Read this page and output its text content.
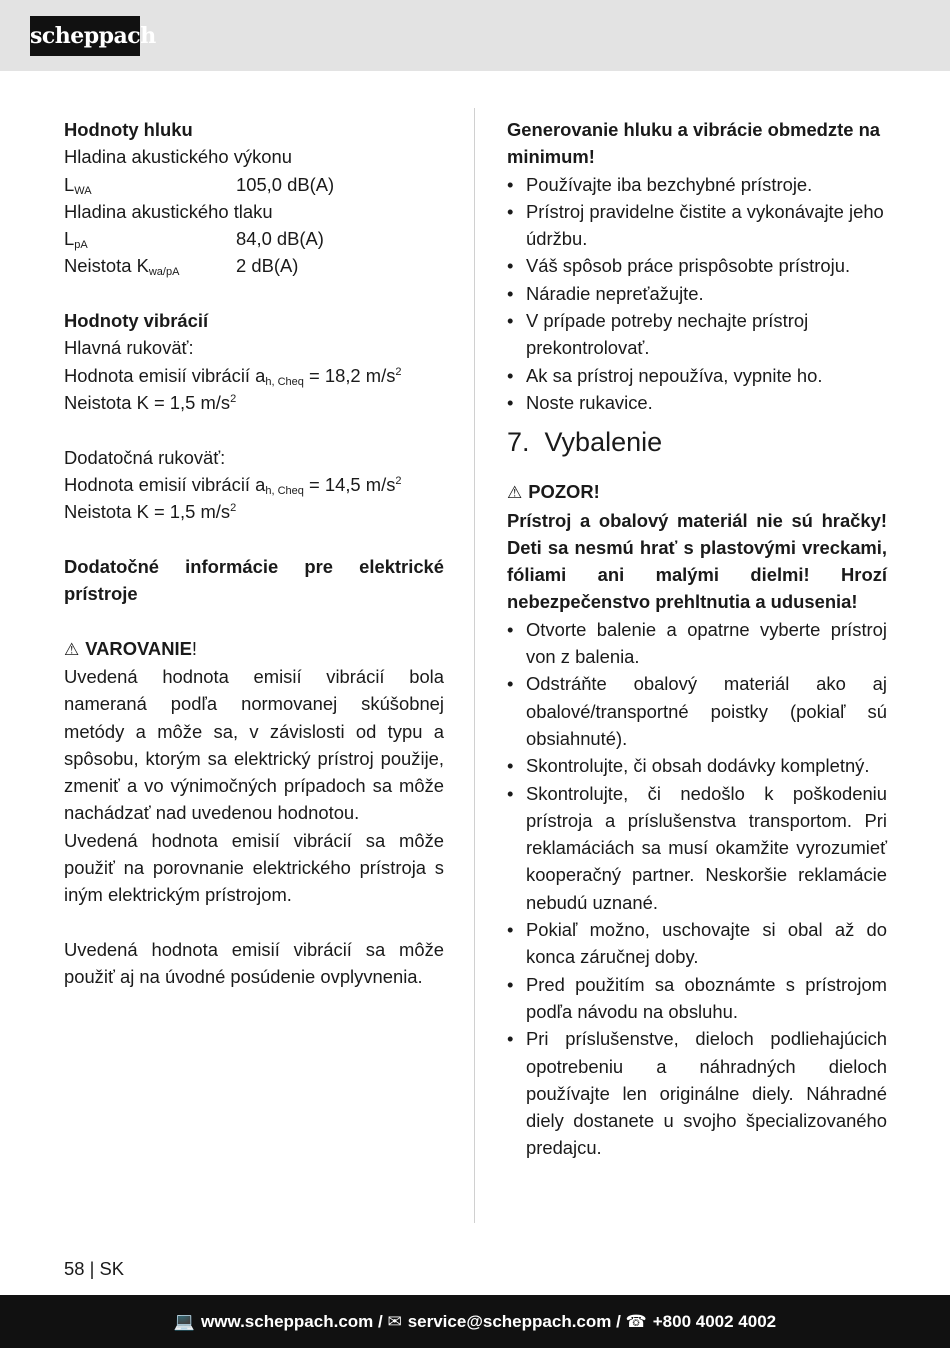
scheppach
Hodnoty hluku
Hladina akustického výkonu
$L_{WA}$	105,0 dB(A)
Hladina akustického tlaku
$L_{pA}$	84,0 dB(A)
Neistota $K_{wa/pA}$	2 dB(A)
Hodnoty vibrácií
Hlavná rukoväť:
Hodnota emisií vibrácií $a_{h, Cheq} = 18,2$ $m/s^2$
Neistota K = 1,5 $m/s^2$
Dodatočná rukoväť:
Hodnota emisií vibrácií $a_{h, Cheq} = 14,5$ $m/s^2$
Neistota K = 1,5 $m/s^2$
Dodatočné informácie pre elektrické prístroje
⚠ VAROVANIE!
Uvedená hodnota emisií vibrácií bola nameraná podľa normovanej skúšobnej metódy a môže sa, v závislosti od typu a spôsobu, ktorým sa elektrický prístroj použije, zmeniť a vo výnimočných prípadoch sa môže nachádzať nad uvedenou hodnotou.
Uvedená hodnota emisií vibrácií sa môže použiť na porovnanie elektrického prístroja s iným elektrickým prístrojom.
Uvedená hodnota emisií vibrácií sa môže použiť aj na úvodné posúdenie ovplyvnenia.
Generovanie hluku a vibrácie obmedzte na minimum!
• Používajte iba bezchybné prístroje.
• Prístroj pravidelne čistite a vykonávajte jeho údržbu.
• Váš spôsob práce prispôsobte prístroju.
• Náradie nepreťažujte.
• V prípade potreby nechajte prístroj prekontrolovať.
• Ak sa prístroj nepoužíva, vypnite ho.
• Noste rukavice.
7. Vybalenie
⚠ POZOR!
Prístroj a obalový materiál nie sú hračky! Deti sa nesmú hrať s plastovými vreckami, fóliami ani malými dielmi! Hrozí nebezpečenstvo prehltnutia a udusenia!
• Otvorte balenie a opatrne vyberte prístroj von z balenia.
• Odstráňte obalový materiál ako aj obalové/transportné poistky (pokiaľ sú obsiahnuté).
• Skontrolujte, či obsah dodávky kompletný.
• Skontrolujte, či nedošlo k poškodeniu prístroja a príslušenstva transportom. Pri reklamáciách sa musí okamžite vyrozumieť kooperačný partner. Neskoršie reklamácie nebudú uznané.
• Pokiaľ možno, uschovajte si obal až do konca záručnej doby.
• Pred použitím sa oboznámte s prístrojom podľa návodu na obsluhu.
• Pri príslušenstve, dieloch podliehajúcich opotrebeniu a náhradných dieloch používajte len originálne diely. Náhradné diely dostanete u svojho špecializovaného predajcu.
58 | SK
💻 www.scheppach.com / ✉ service@scheppach.com / ☎ +800 4002 4002
